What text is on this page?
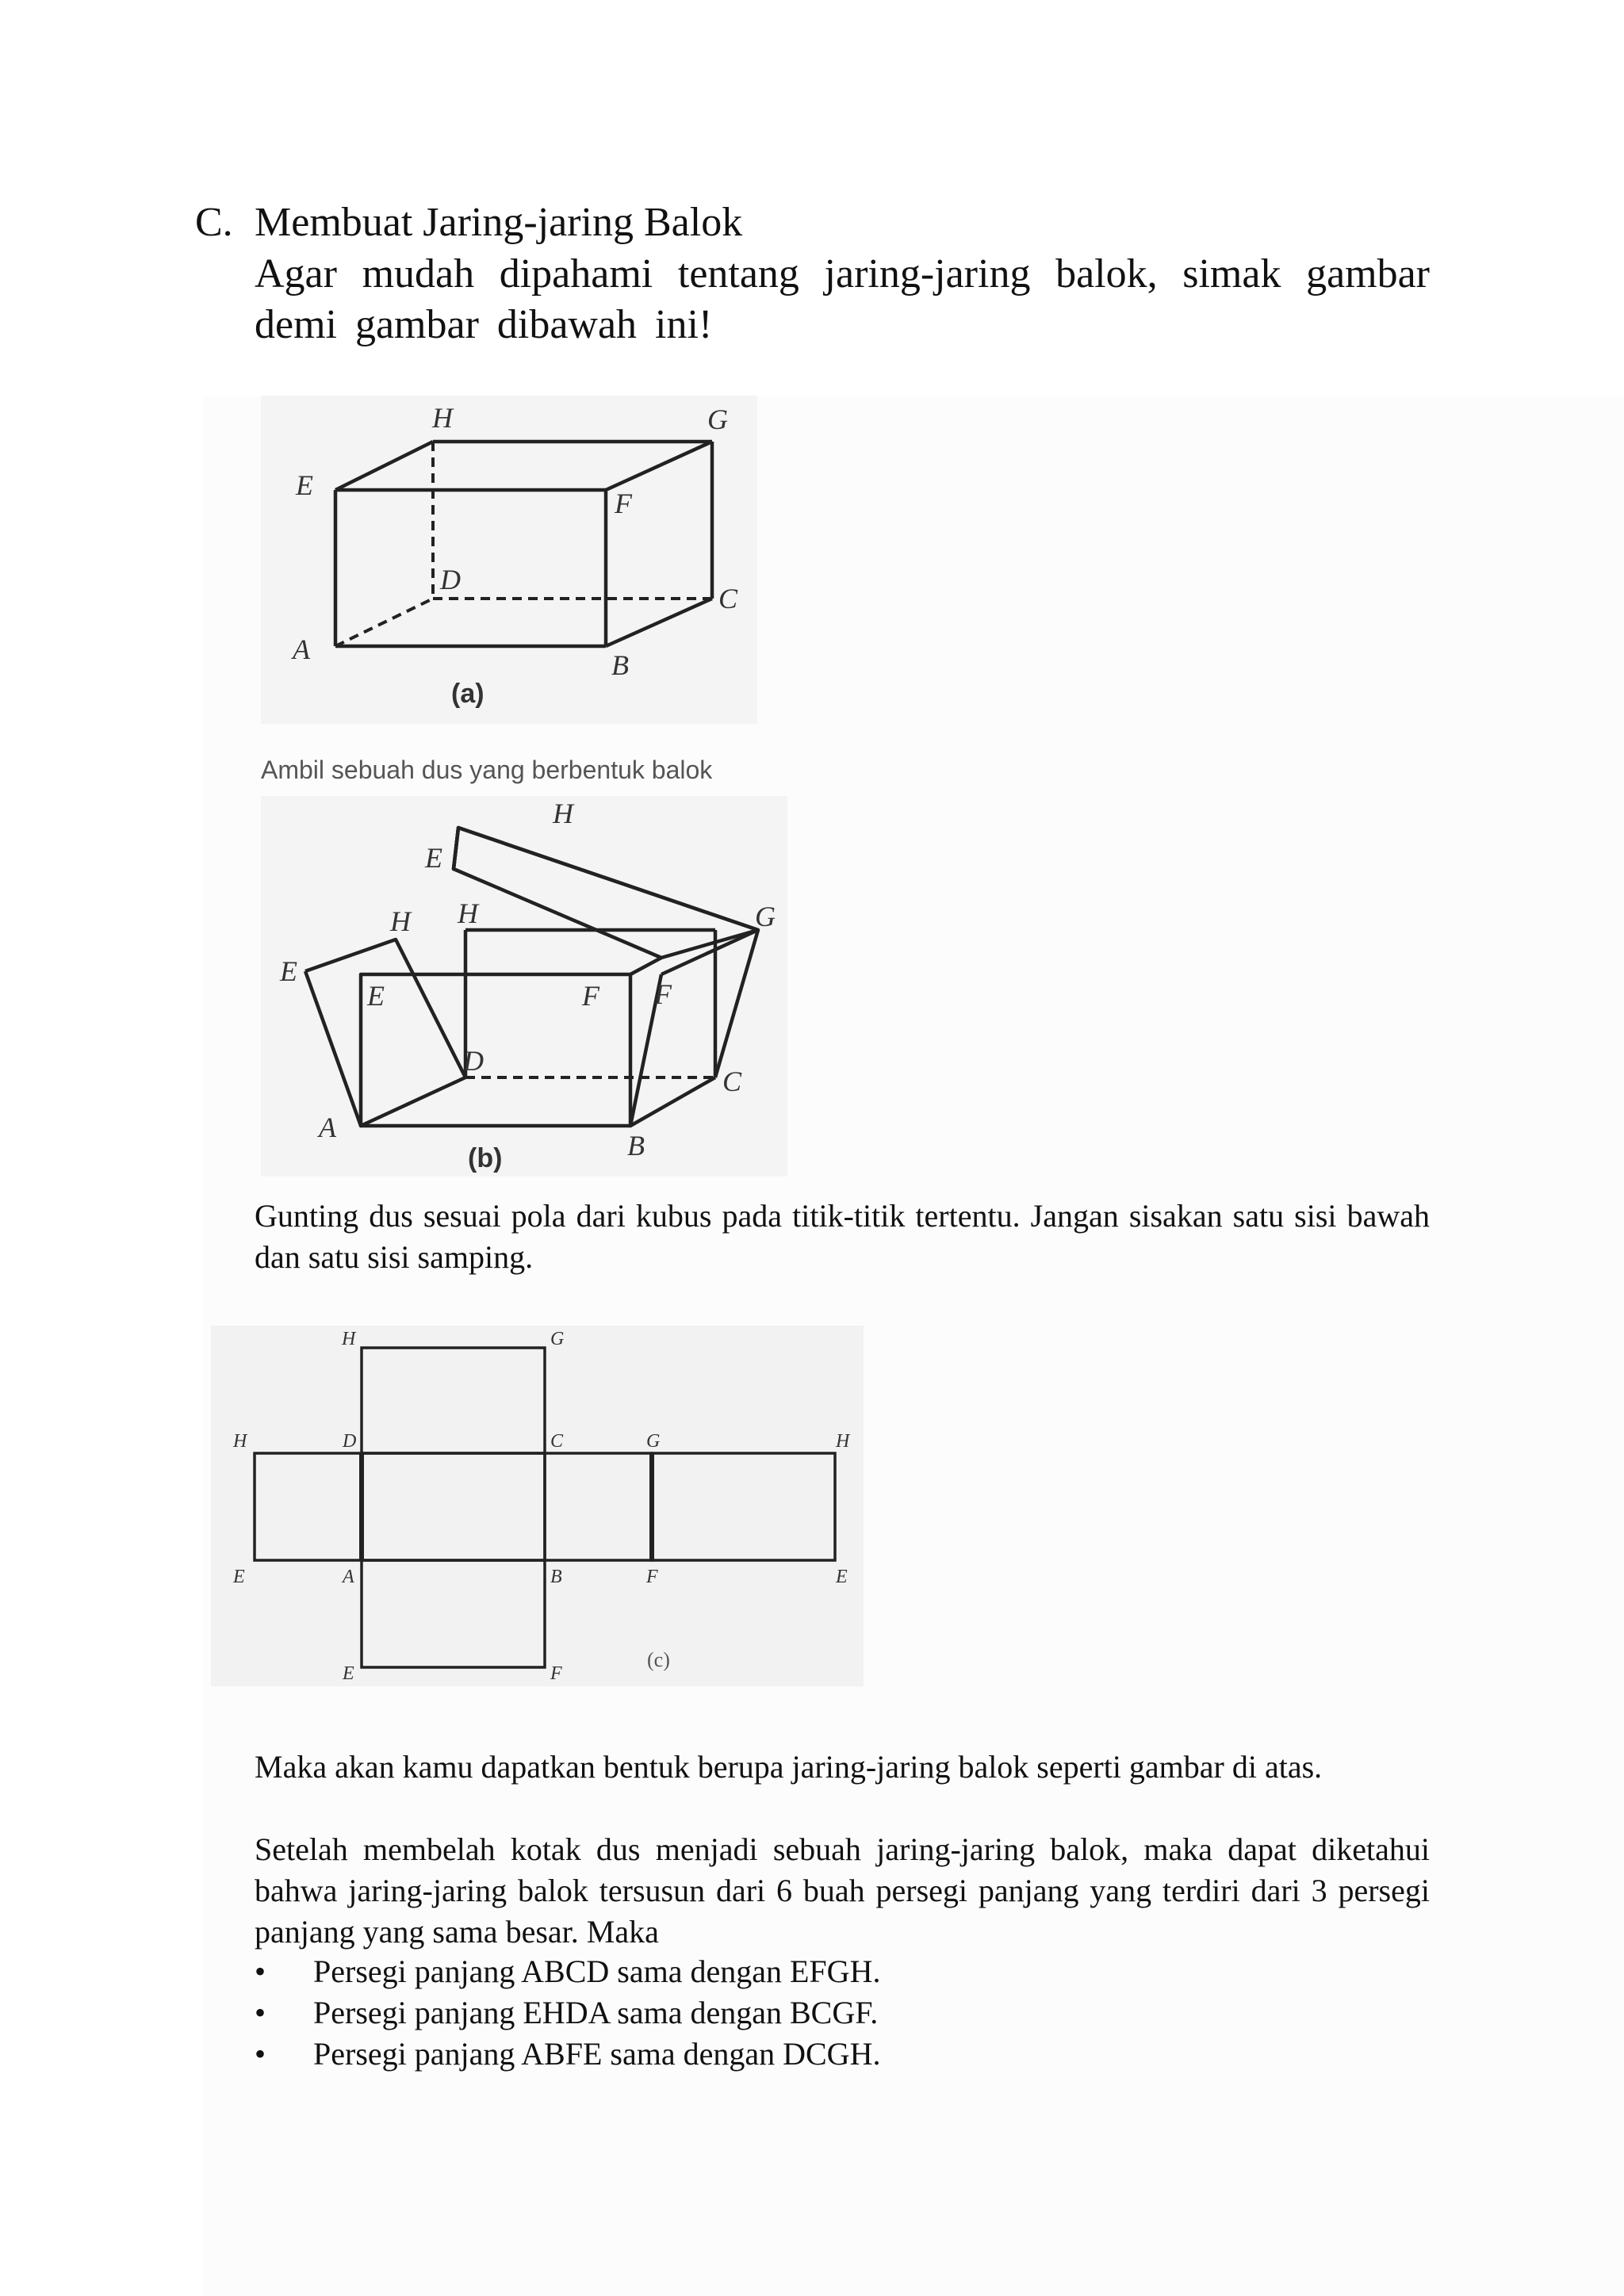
C. Membuat Jaring-jaring Balok
Agar mudah dipahami tentang jaring-jaring balok, simak gambar demi gambar dibawah ini!
H	G
E
F
D
C
A	B
(a)
Ambil sebuah dus yang berbentuk balok
H
E
G
H H
E
E	F F
D
C
A
B
(b)
Gunting dus sesuai pola dari kubus pada titik-titik tertentu. Jangan sisakan satu sisi bawah dan satu sisi samping.
H	G
H	D	C	G	H
E	A	B	F	E
E	F
(c)
Maka akan kamu dapatkan bentuk berupa jaring-jaring balok seperti gambar di atas.
Setelah membelah kotak dus menjadi sebuah jaring-jaring balok, maka dapat diketahui bahwa jaring-jaring balok tersusun dari 6 buah persegi panjang yang terdiri dari 3 persegi panjang yang sama besar. Maka
• Persegi panjang ABCD sama dengan EFGH.
• Persegi panjang EHDA sama dengan BCGF.
• Persegi panjang ABFE sama dengan DCGH.
